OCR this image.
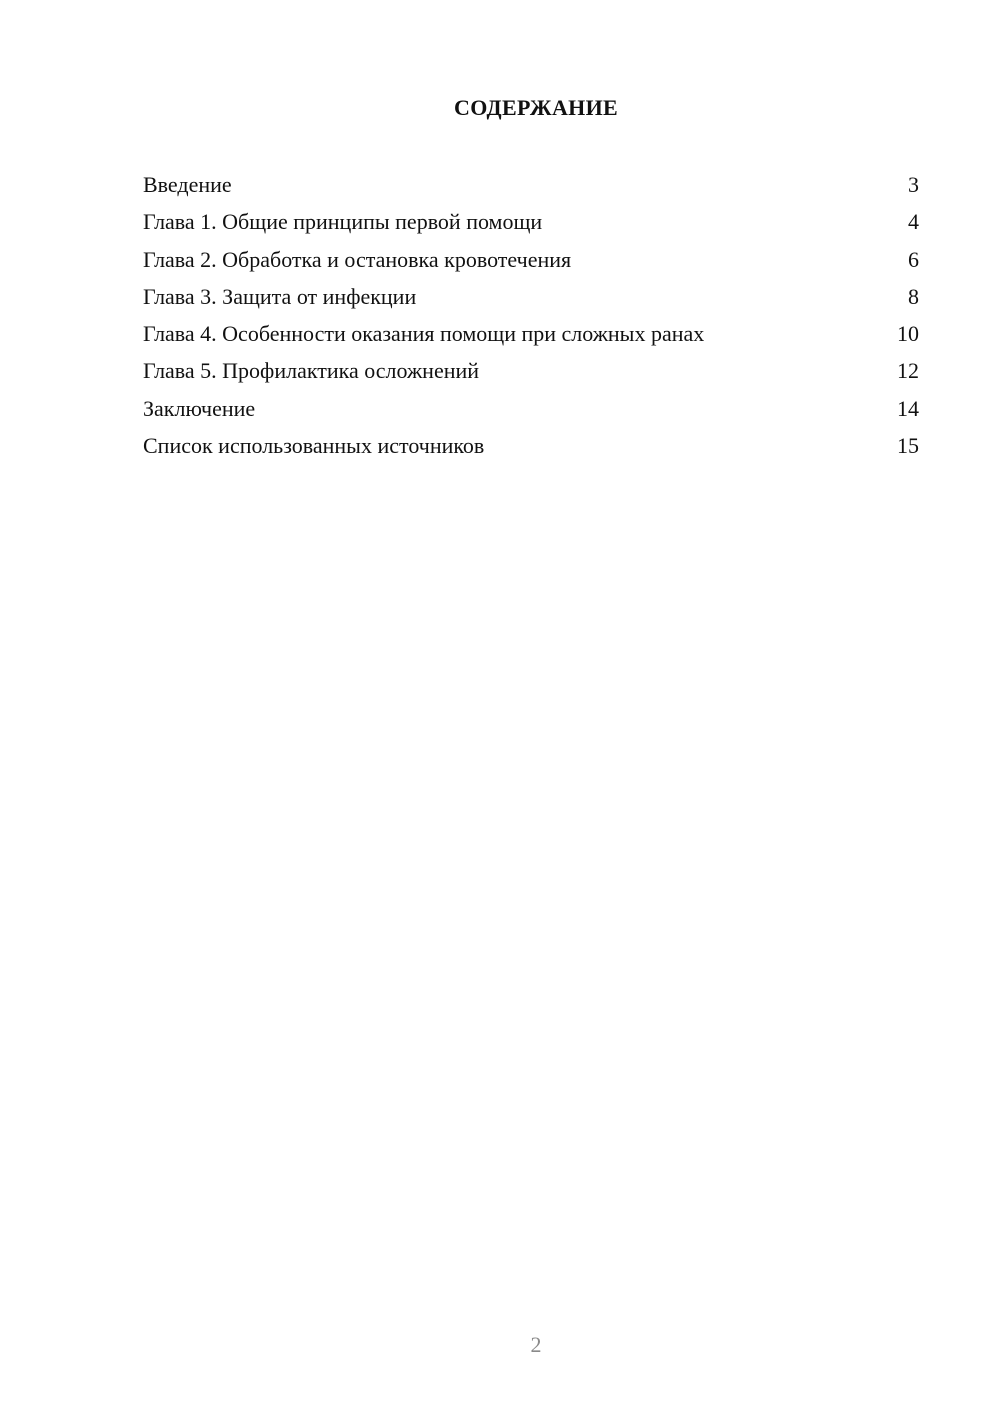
СОДЕРЖАНИЕ
Введение	3
Глава 1. Общие принципы первой помощи	4
Глава 2. Обработка и остановка кровотечения	6
Глава 3. Защита от инфекции	8
Глава 4. Особенности оказания помощи при сложных ранах	10
Глава 5. Профилактика осложнений	12
Заключение	14
Список использованных источников	15
2
